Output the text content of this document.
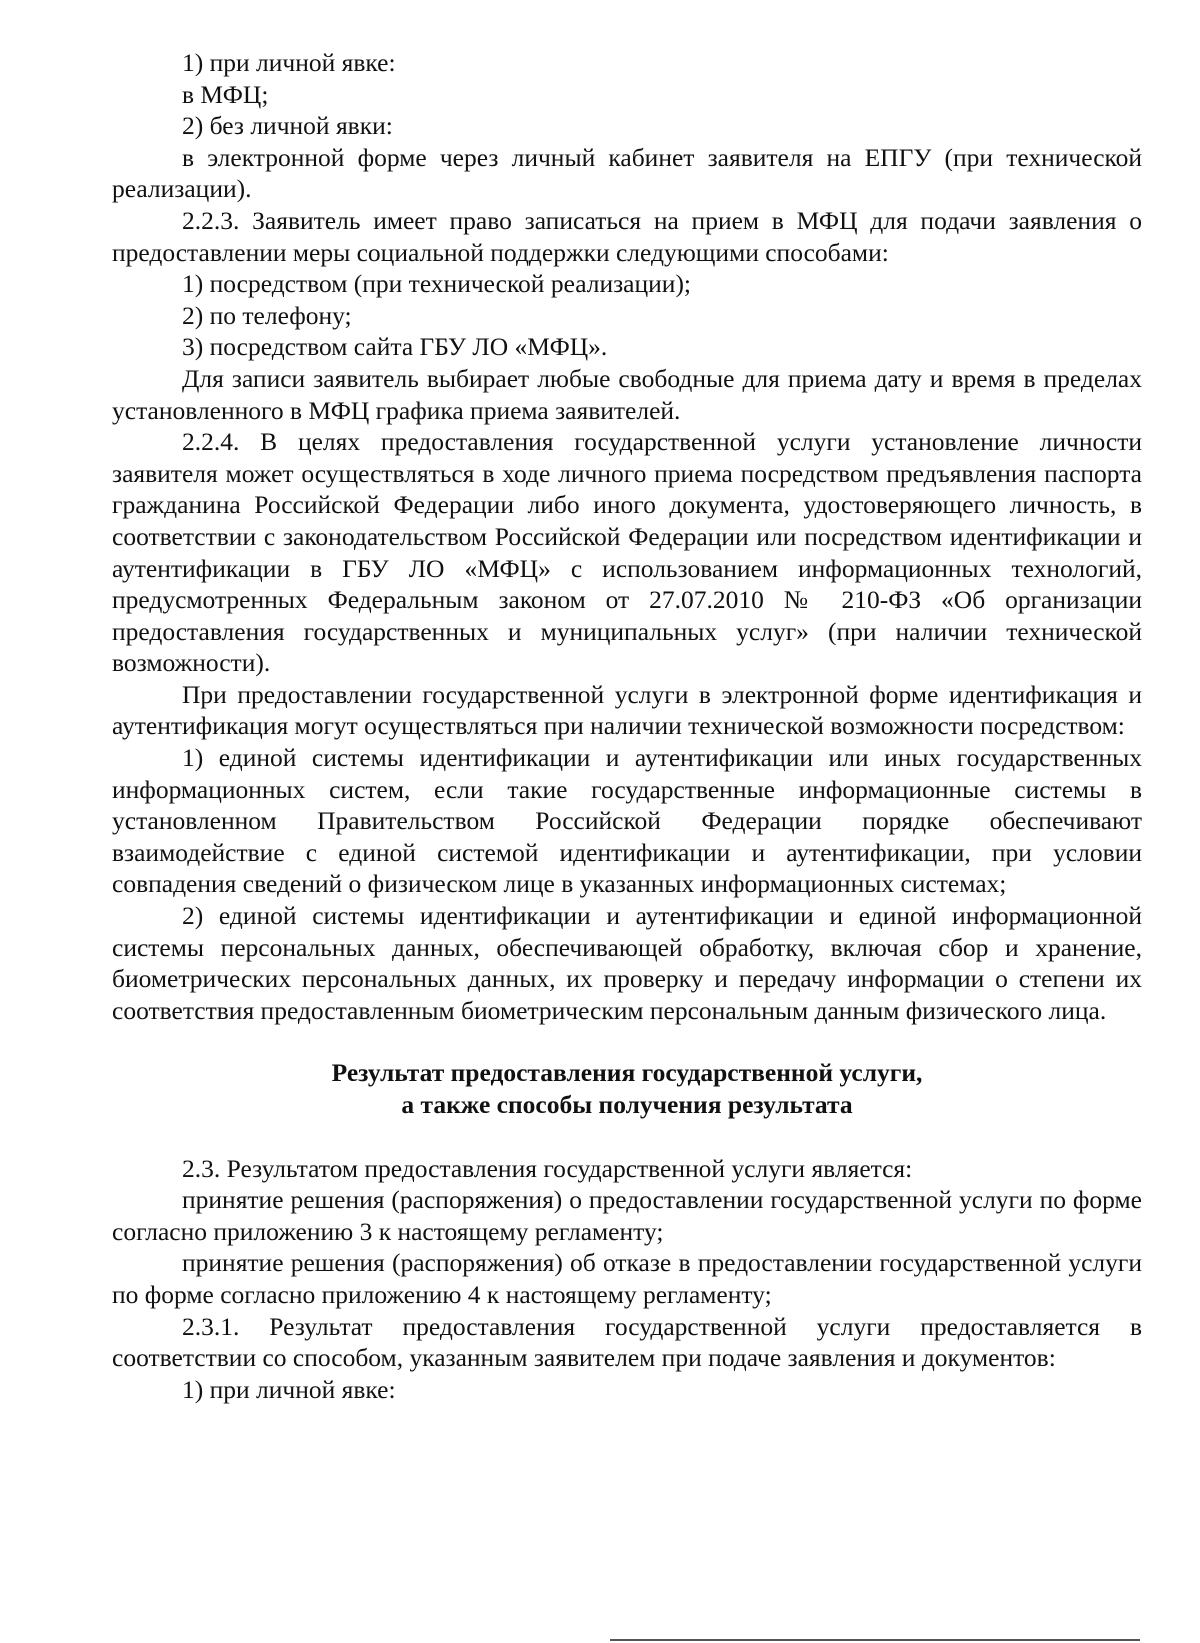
1) при личной явке:

в МФЦ;

2) без личной явки:

в электронной форме через личный кабинет заявителя на ЕПГУ (при технической реализации).

2.2.3. Заявитель имеет право записаться на прием в МФЦ для подачи заявления о предоставлении меры социальной поддержки следующими способами:

1) посредством (при технической реализации);

2) по телефону;

3) посредством сайта ГБУ ЛО «МФЦ».

Для записи заявитель выбирает любые свободные для приема дату и время в пределах установленного в МФЦ графика приема заявителей.

2.2.4. В целях предоставления государственной услуги установление личности заявителя может осуществляться в ходе личного приема посредством предъявления паспорта гражданина Российской Федерации либо иного документа, удостоверяющего личность, в соответствии с законодательством Российской Федерации или посредством идентификации и аутентификации в ГБУ ЛО «МФЦ» с использованием информационных технологий, предусмотренных Федеральным законом от 27.07.2010 № 210-ФЗ «Об организации предоставления государственных и муниципальных услуг» (при наличии технической возможности).

При предоставлении государственной услуги в электронной форме идентификация и аутентификация могут осуществляться при наличии технической возможности посредством:

1) единой системы идентификации и аутентификации или иных государственных информационных систем, если такие государственные информационные системы в установленном Правительством Российской Федерации порядке обеспечивают взаимодействие с единой системой идентификации и аутентификации, при условии совпадения сведений о физическом лице в указанных информационных системах;

2) единой системы идентификации и аутентификации и единой информационной системы персональных данных, обеспечивающей обработку, включая сбор и хранение, биометрических персональных данных, их проверку и передачу информации о степени их соответствия предоставленным биометрическим персональным данным физического лица.

Результат предоставления государственной услуги,
а также способы получения результата

2.3. Результатом предоставления государственной услуги является:

принятие решения (распоряжения) о предоставлении государственной услуги по форме согласно приложению 3 к настоящему регламенту;

принятие решения (распоряжения) об отказе в предоставлении государственной услуги по форме согласно приложению 4 к настоящему регламенту;

2.3.1. Результат предоставления государственной услуги предоставляется в соответствии со способом, указанным заявителем при подаче заявления и документов:

1) при личной явке:
